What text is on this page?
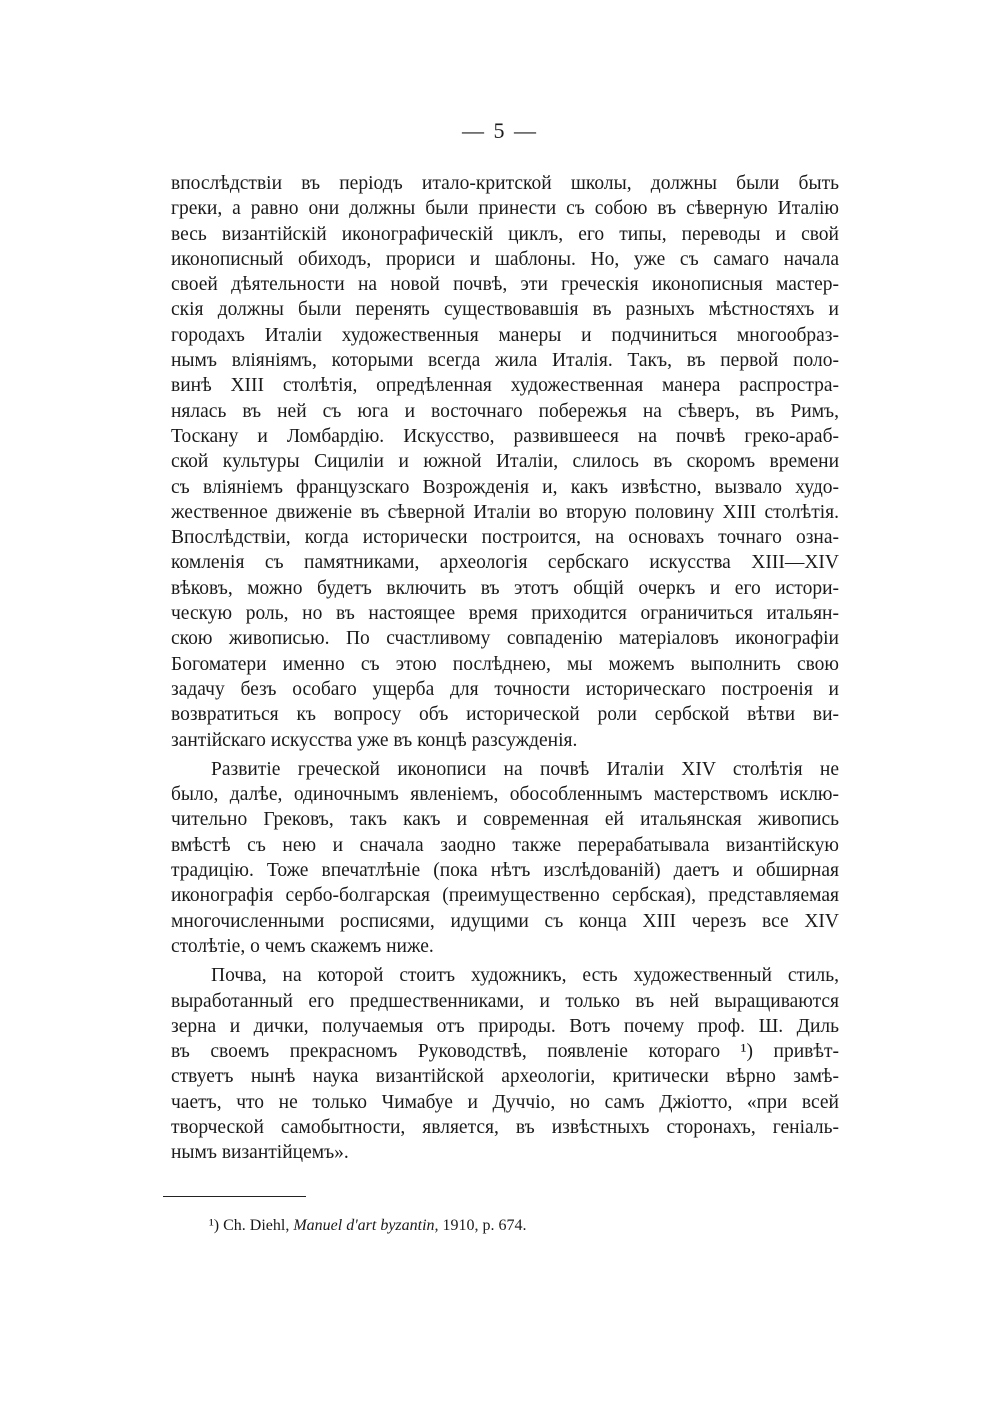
— 5 —
впослѣдствіи въ періодъ итало-критской школы, должны были быть
греки, а равно они должны были принести съ собою въ сѣверную Италію
весь византійскій иконографическій циклъ, его типы, переводы и свой
иконописный обиходъ, прориси и шаблоны. Но, уже съ самаго начала
своей дѣятельности на новой почвѣ, эти греческія иконописныя мастер-
скія должны были перенять существовавшія въ разныхъ мѣстностяхъ и
городахъ Италіи художественныя манеры и подчиниться многообраз-
нымъ вліяніямъ, которыми всегда жила Италія. Такъ, въ первой поло-
винѣ XIII столѣтія, опредѣленная художественная манера распростра-
нялась въ ней съ юга и восточнаго побережья на сѣверъ, въ Римъ,
Тоскану и Ломбардію. Искусство, развившееся на почвѣ греко-араб-
ской культуры Сициліи и южной Италіи, слилось въ скоромъ времени
съ вліяніемъ французскаго Возрожденія и, какъ извѣстно, вызвало худо-
жественное движеніе въ сѣверной Италіи во вторую половину XIII столѣтія.
Впослѣдствіи, когда исторически построится, на основахъ точнаго озна-
комленія съ памятниками, археологія сербскаго искусства XIII—XIV
вѣковъ, можно будетъ включить въ этотъ общій очеркъ и его истори-
ческую роль, но въ настоящее время приходится ограничиться итальян-
скою живописью. По счастливому совпаденію матеріаловъ иконографіи
Богоматери именно съ этою послѣднею, мы можемъ выполнить свою
задачу безъ особаго ущерба для точности историческаго построенія и
возвратиться къ вопросу объ исторической роли сербской вѣтви ви-
зантійскаго искусства уже въ концѣ разсужденія.
Развитіе греческой иконописи на почвѣ Италіи XIV столѣтія не
было, далѣе, одиночнымъ явленіемъ, обособленнымъ мастерствомъ исклю-
чительно Грековъ, такъ какъ и современная ей итальянская живопись
вмѣстѣ съ нею и сначала заодно также перерабатывала византійскую
традицію. Тоже впечатлѣніе (пока нѣтъ изслѣдованій) даетъ и обширная
иконографія сербо-болгарская (преимущественно сербская), представляемая
многочисленными росписями, идущими съ конца XIII черезъ все XIV
столѣтіе, о чемъ скажемъ ниже.
Почва, на которой стоитъ художникъ, есть художественный стиль,
выработанный его предшественниками, и только въ ней выращиваются
зерна и дички, получаемыя отъ природы. Вотъ почему проф. Ш. Диль
въ своемъ прекрасномъ Руководствѣ, появленіе котораго ¹) привѣт-
ствуетъ нынѣ наука византійской археологіи, критически вѣрно замѣ-
чаетъ, что не только Чимабуе и Дуччіо, но самъ Джіотто, «при всей
творческой самобытности, является, въ извѣстныхъ сторонахъ, геніаль-
нымъ византійцемъ».
¹) Ch. Diehl, Manuel d'art byzantin, 1910, p. 674.
